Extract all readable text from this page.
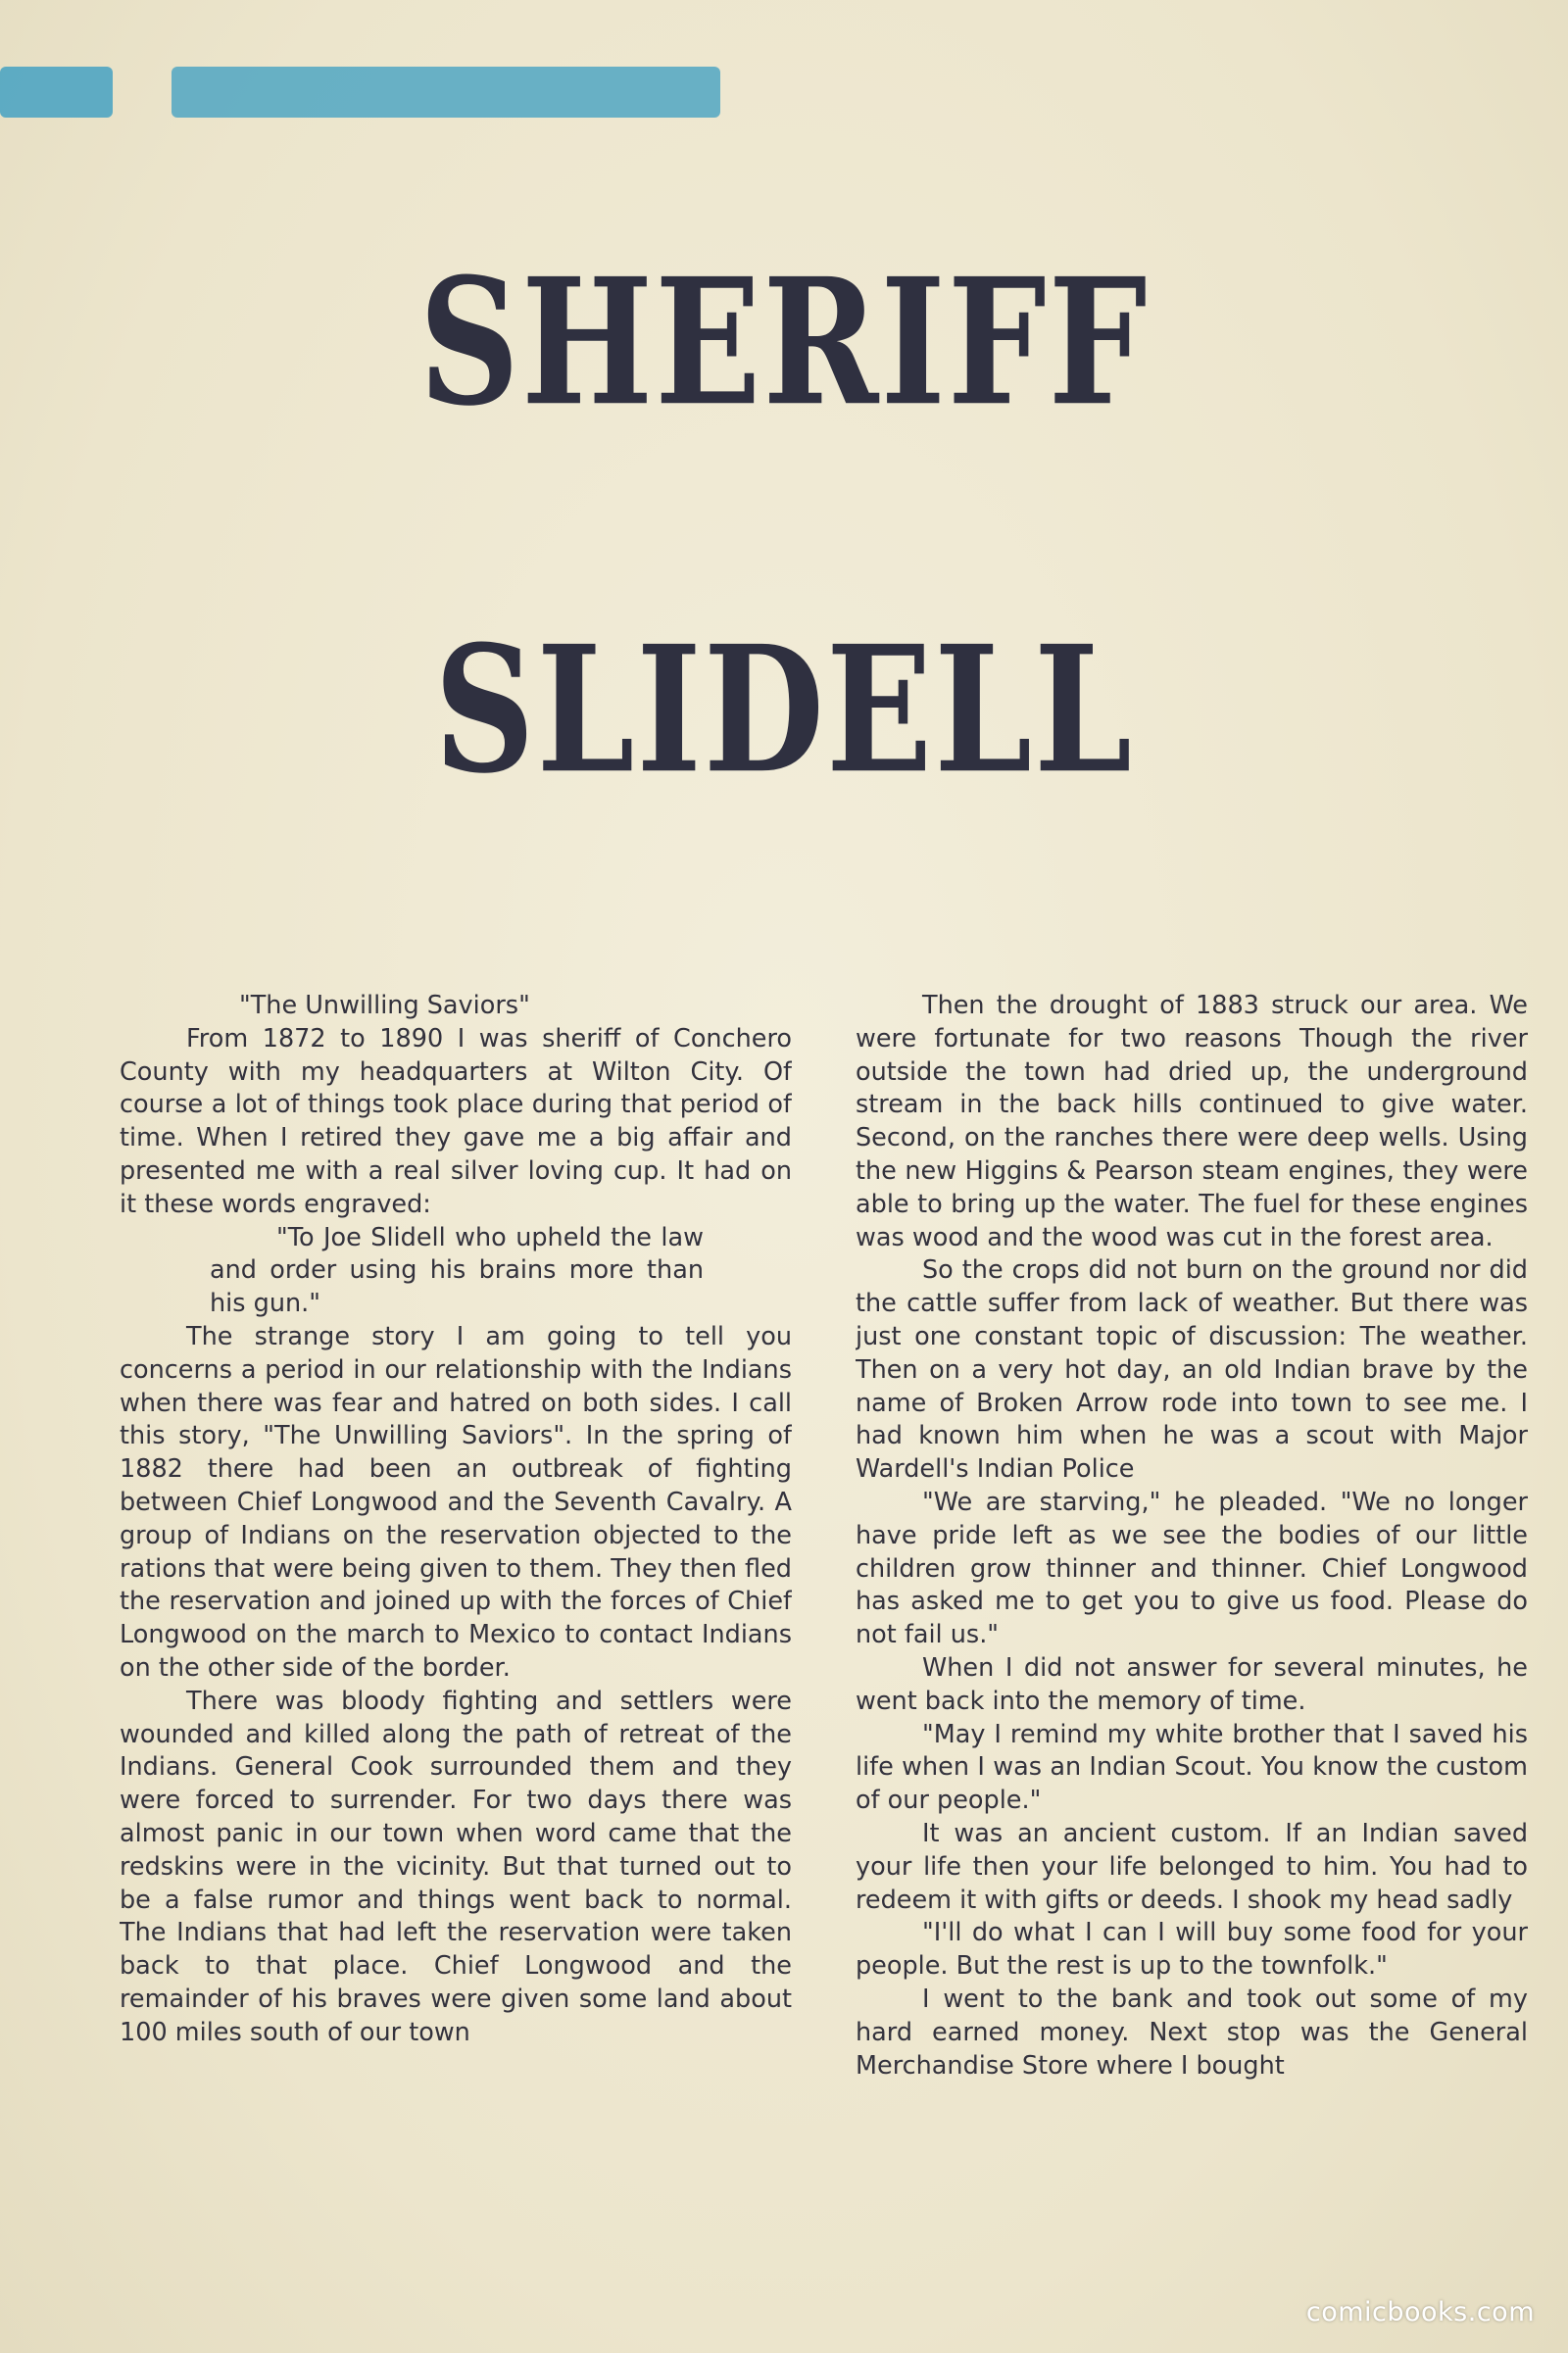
SHERIFF
SLIDELL

"The Unwilling Saviors"

From 1872 to 1890 I was sheriff of Conchero County with my headquarters at Wilton City. Of course a lot of things took place during that period of time. When I retired they gave me a big affair and presented me with a real silver loving cup. It had on it these words engraved:

"To Joe Slidell who upheld the law and order using his brains more than his gun."

The strange story I am going to tell you concerns a period in our relationship with the Indians when there was fear and hatred on both sides. I call this story, "The Unwilling Saviors". In the spring of 1882 there had been an outbreak of fighting between Chief Longwood and the Seventh Cavalry. A group of Indians on the reservation objected to the rations that were being given to them. They then fled the reservation and joined up with the forces of Chief Longwood on the march to Mexico to contact Indians on the other side of the border.

There was bloody fighting and settlers were wounded and killed along the path of retreat of the Indians. General Cook surrounded them and they were forced to surrender. For two days there was almost panic in our town when word came that the redskins were in the vicinity. But that turned out to be a false rumor and things went back to normal. The Indians that had left the reservation were taken back to that place. Chief Longwood and the remainder of his braves were given some land about 100 miles south of our town

Then the drought of 1883 struck our area. We were fortunate for two reasons Though the river outside the town had dried up, the underground stream in the back hills continued to give water. Second, on the ranches there were deep wells. Using the new Higgins & Pearson steam engines, they were able to bring up the water. The fuel for these engines was wood and the wood was cut in the forest area.

So the crops did not burn on the ground nor did the cattle suffer from lack of weather. But there was just one constant topic of discussion: The weather. Then on a very hot day, an old Indian brave by the name of Broken Arrow rode into town to see me. I had known him when he was a scout with Major Wardell's Indian Police

"We are starving," he pleaded. "We no longer have pride left as we see the bodies of our little children grow thinner and thinner. Chief Longwood has asked me to get you to give us food. Please do not fail us."

When I did not answer for several minutes, he went back into the memory of time.

"May I remind my white brother that I saved his life when I was an Indian Scout. You know the custom of our people."

It was an ancient custom. If an Indian saved your life then your life belonged to him. You had to redeem it with gifts or deeds. I shook my head sadly

"I'll do what I can I will buy some food for your people. But the rest is up to the townfolk."

I went to the bank and took out some of my hard earned money. Next stop was the General Merchandise Store where I bought

comicbooks.com
